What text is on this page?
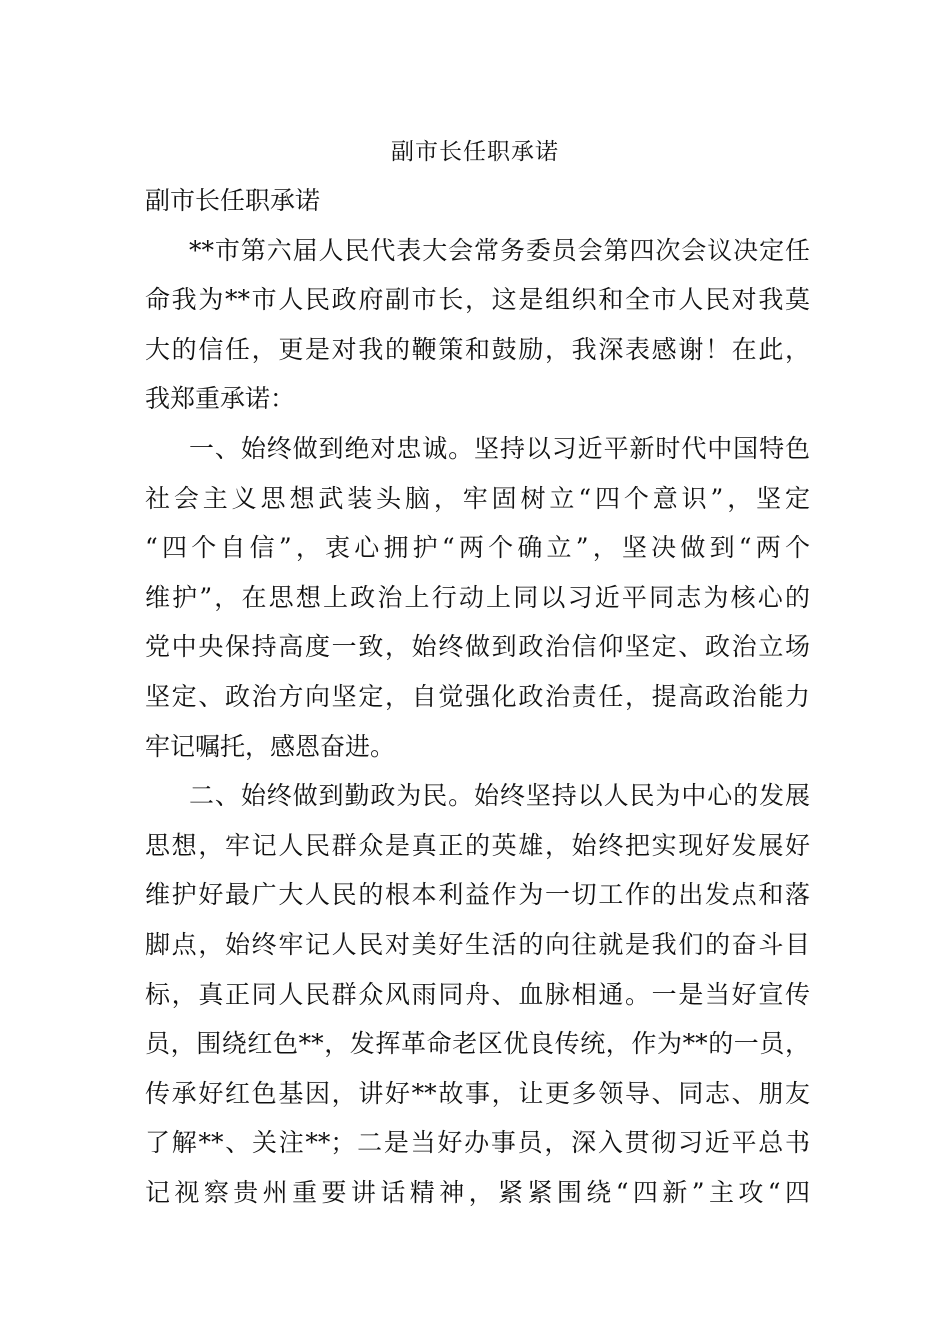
副市长任职承诺
副市长任职承诺
**市第六届人民代表大会常务委员会第四次会议决定任
命我为**市人民政府副市长，这是组织和全市人民对我莫
大的信任，更是对我的鞭策和鼓励，我深表感谢！在此，
我郑重承诺：
一、始终做到绝对忠诚。坚持以习近平新时代中国特色
社会主义思想武装头脑，牢固树立“四个意识”，坚定
“四个自信”，衷心拥护“两个确立”，坚决做到“两个
维护”，在思想上政治上行动上同以习近平同志为核心的
党中央保持高度一致，始终做到政治信仰坚定、政治立场
坚定、政治方向坚定，自觉强化政治责任，提高政治能力
牢记嘱托，感恩奋进。
二、始终做到勤政为民。始终坚持以人民为中心的发展
思想，牢记人民群众是真正的英雄，始终把实现好发展好
维护好最广大人民的根本利益作为一切工作的出发点和落
脚点，始终牢记人民对美好生活的向往就是我们的奋斗目
标，真正同人民群众风雨同舟、血脉相通。一是当好宣传
员，围绕红色**，发挥革命老区优良传统，作为**的一员，
传承好红色基因，讲好**故事，让更多领导、同志、朋友
了解**、关注**；二是当好办事员，深入贯彻习近平总书
记视察贵州重要讲话精神，紧紧围绕“四新”主攻“四
